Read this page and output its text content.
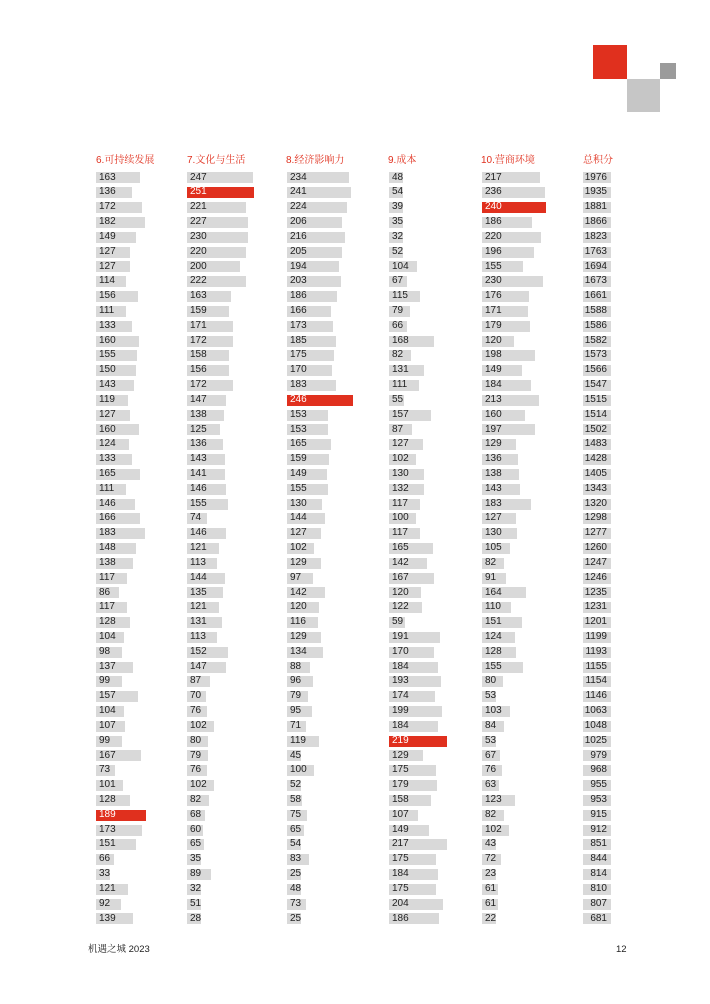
6.可持续发展
163
136
172
182
149
127
127
114
156
111
133
160
155
150
143
119
127
160
124
133
165
111
146
166
183
148
138
117
86
117
128
104
98
137
99
157
104
107
99
167
73
101
128
189
173
151
66
33
121
92
139
7.文化与生活
247
251
221
227
230
220
200
222
163
159
171
172
158
156
172
147
138
125
136
143
141
146
155
74
146
121
113
144
135
121
131
113
152
147
87
70
76
102
80
79
76
102
82
68
60
65
35
89
32
51
28
8.经济影响力
234
241
224
206
216
205
194
203
186
166
173
185
175
170
183
246
153
153
165
159
149
155
130
144
127
102
129
97
142
120
116
129
134
88
96
79
95
71
119
45
100
52
58
75
65
54
83
25
48
73
25
9.成本
48
54
39
35
32
52
104
67
115
79
66
168
82
131
111
55
157
87
127
102
130
132
117
100
117
165
142
167
120
122
59
191
170
184
193
174
199
184
219
129
175
179
158
107
149
217
175
184
175
204
186
10.营商环境
217
236
240
186
220
196
155
230
176
171
179
120
198
149
184
213
160
197
129
136
138
143
183
127
130
105
82
91
164
110
151
124
128
155
80
53
103
84
53
67
76
63
123
82
102
43
72
23
61
61
22
总积分
1976
1935
1881
1866
1823
1763
1694
1673
1661
1588
1586
1582
1573
1566
1547
1515
1514
1502
1483
1428
1405
1343
1320
1298
1277
1260
1247
1246
1235
1231
1201
1199
1193
1155
1154
1146
1063
1048
1025
979
968
955
953
915
912
851
844
814
810
807
681
机遇之城 2023	12
